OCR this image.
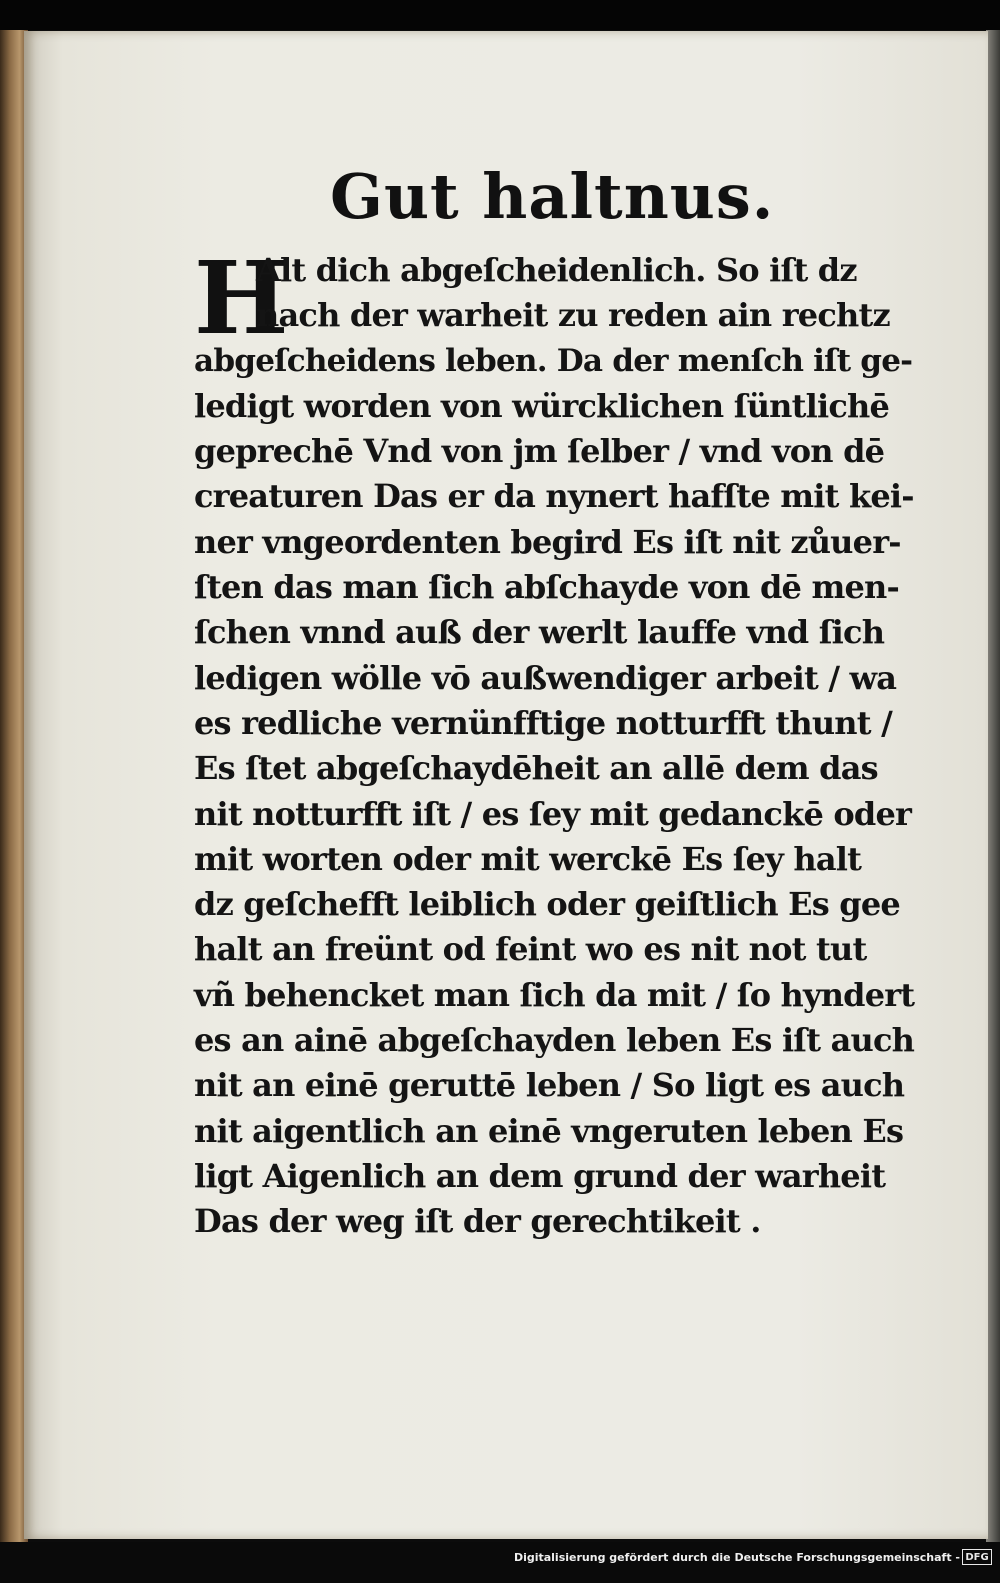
Gut haltnus.
H
Alt dich abgeſcheidenlich. So iſt dz
nach der warheit zu reden ain rechtz
abgeſcheidens leben. Da der menſch iſt ge-
ledigt worden von würcklichen ſüntlichē
geprechē Vnd von jm ſelber / vnd von dē
creaturen Das er da nynert hafſte mit kei-
ner vngeordenten begird Es iſt nit zůuer-
ſten das man ſich abſchayde von dē men-
ſchen vnnd auß der werlt lauffe vnd ſich
ledigen wölle vō außwendiger arbeit / wa
es redliche vernünfftige notturfft thunt /
Es ſtet abgeſchaydēheit an allē dem das
nit notturfft iſt / es ſey mit gedanckē oder
mit worten oder mit werckē Es ſey halt
dz geſchefft leiblich oder geiſtlich Es gee
halt an freünt od feint wo es nit not tut
vñ behencket man ſich da mit / ſo hyndert
es an ainē abgeſchayden leben Es iſt auch
nit an einē geruttē leben / So ligt es auch
nit aigentlich an einē vngeruten leben Es
ligt Aigenlich an dem grund der warheit
Das der weg iſt der gerechtikeit .
Digitalisierung gefördert durch die Deutsche Forschungsgemeinschaft - DFG
